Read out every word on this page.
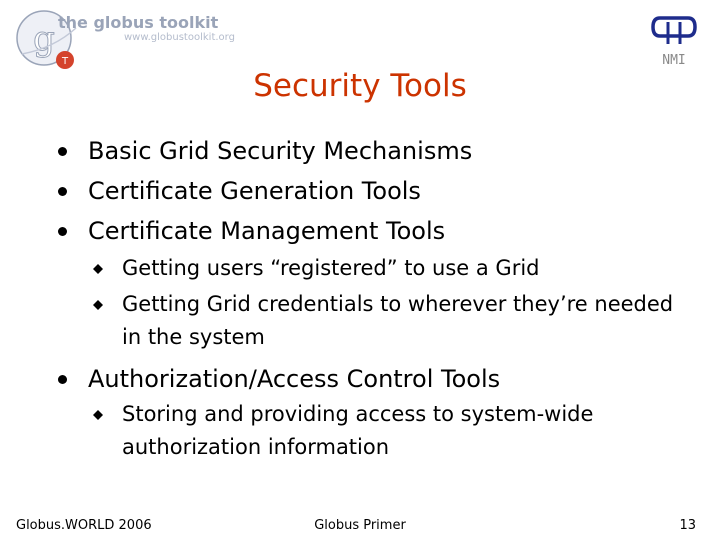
g
T
the globus toolkit
www.globustoolkit.org
NMI
Security Tools
Basic Grid Security Mechanisms
Certificate Generation Tools
Certificate Management Tools
Getting users “registered” to use a Grid
Getting Grid credentials to wherever they’re needed in the system
Authorization/Access Control Tools
Storing and providing access to system-wide authorization information
Globus.WORLD 2006	Globus Primer	13
